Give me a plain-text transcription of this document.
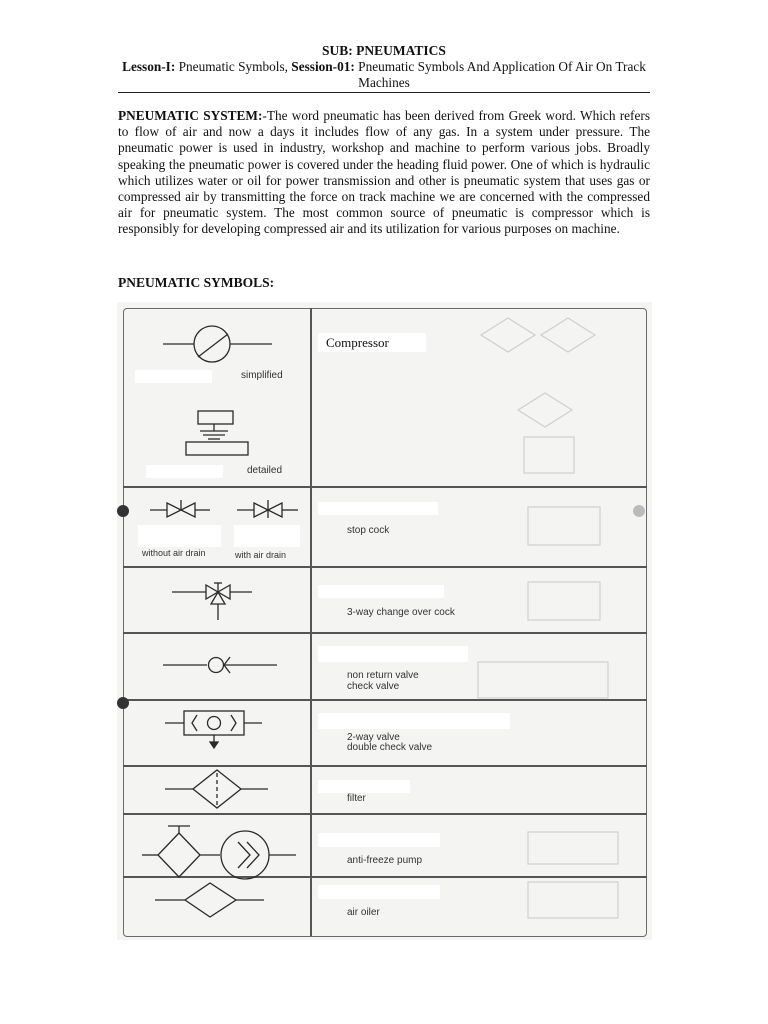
SUB: PNEUMATICS
Lesson-I: Pneumatic Symbols, Session-01: Pneumatic Symbols And Application Of Air On Track Machines
PNEUMATIC SYSTEM:-The word pneumatic has been derived from Greek word. Which refers to flow of air and now a days it includes flow of any gas. In a system under pressure. The pneumatic power is used in industry, workshop and machine to perform various jobs. Broadly speaking the pneumatic power is covered under the heading fluid power. One of which is hydraulic which utilizes water or oil for power transmission and other is pneumatic system that uses gas or compressed air by transmitting the force on track machine we are concerned with the compressed air for pneumatic system. The most common source of pneumatic is compressor which is responsibly for developing compressed air and its utilization for various purposes on machine.
PNEUMATIC SYMBOLS:
Compressor
simplified
detailed
without air drain	with air drain
stop cock
3-way change over cock
non return valve
check valve
2-way valve
double check valve
filter
anti-freeze pump
air oiler
